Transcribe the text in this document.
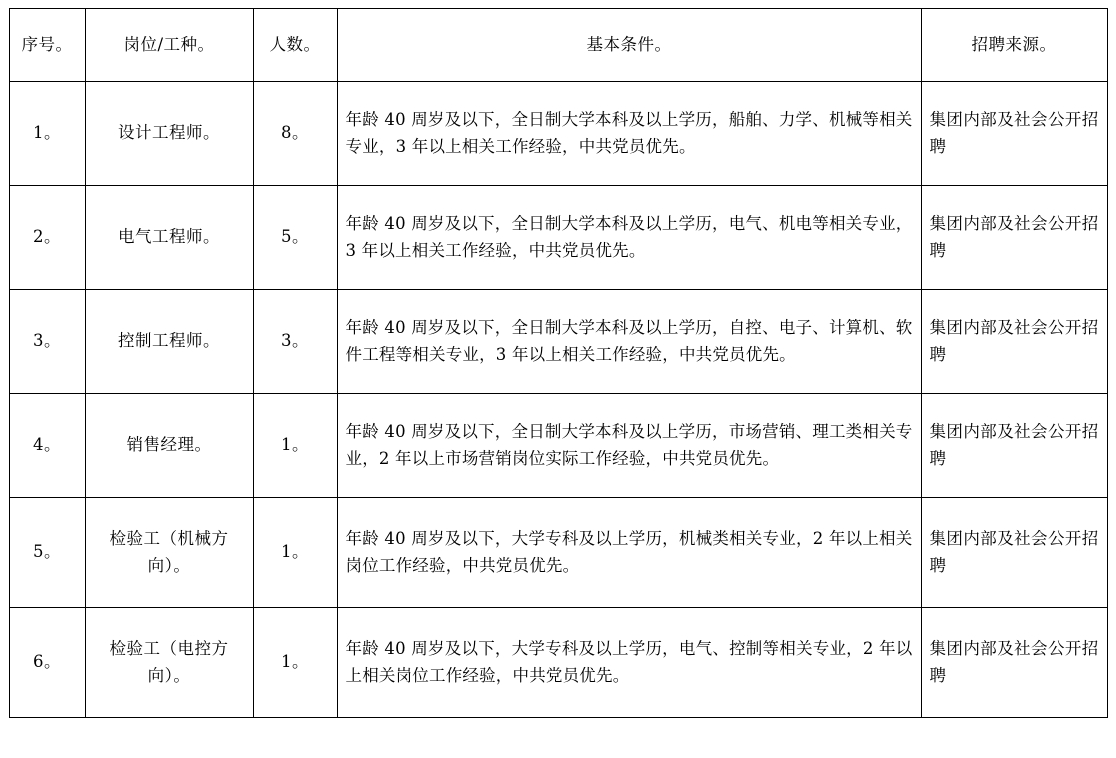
序号。	岗位/工种。	人数。	基本条件。	招聘来源。
1。	设计工程师。	8。	年龄 40 周岁及以下，全日制大学本科及以上学历，船舶、力学、机械等相关专业，3 年以上相关工作经验，中共党员优先。	集团内部及社会公开招聘
2。	电气工程师。	5。	年龄 40 周岁及以下，全日制大学本科及以上学历，电气、机电等相关专业，3 年以上相关工作经验，中共党员优先。	集团内部及社会公开招聘
3。	控制工程师。	3。	年龄 40 周岁及以下，全日制大学本科及以上学历，自控、电子、计算机、软件工程等相关专业，3 年以上相关工作经验，中共党员优先。	集团内部及社会公开招聘
4。	销售经理。	1。	年龄 40 周岁及以下，全日制大学本科及以上学历，市场营销、理工类相关专业，2 年以上市场营销岗位实际工作经验，中共党员优先。	集团内部及社会公开招聘
5。	检验工（机械方向）。	1。	年龄 40 周岁及以下，大学专科及以上学历，机械类相关专业，2 年以上相关岗位工作经验，中共党员优先。	集团内部及社会公开招聘
6。	检验工（电控方向）。	1。	年龄 40 周岁及以下，大学专科及以上学历，电气、控制等相关专业，2 年以上相关岗位工作经验，中共党员优先。	集团内部及社会公开招聘
